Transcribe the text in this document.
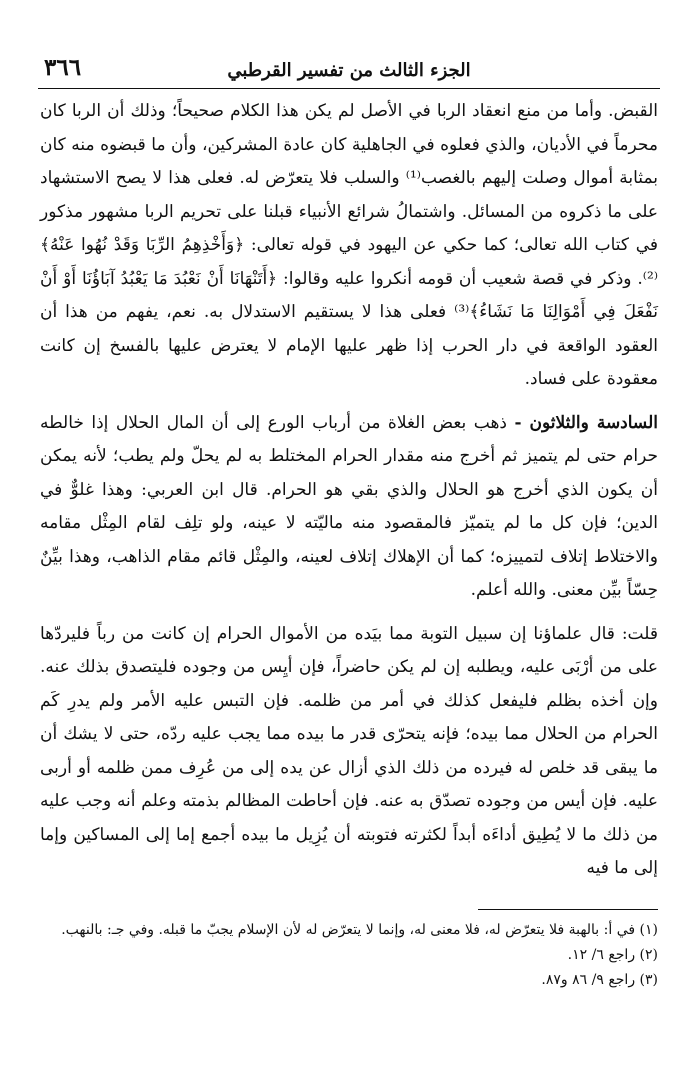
٣٦٦	الجزء الثالث من تفسير القرطبي

القبض. وأما من منع انعقاد الربا في الأصل لم يكن هذا الكلام صحيحاً؛ وذلك أن الربا كان محرماً في الأديان، والذي فعلوه في الجاهلية كان عادة المشركين، وأن ما قبضوه منه كان بمثابة أموال وصلت إليهم بالغصب⁽¹⁾ والسلب فلا يتعرّض له. فعلى هذا لا يصح الاستشهاد على ما ذكروه من المسائل. واشتمالُ شرائع الأنبياء قبلنا على تحريم الربا مشهور مذكور في كتاب الله تعالى؛ كما حكي عن اليهود في قوله تعالى: ﴿وَأَخْذِهِمُ الرِّبَا وَقَدْ نُهُوا عَنْهُ﴾⁽²⁾. وذكر في قصة شعيب أن قومه أنكروا عليه وقالوا: ﴿أَتَنْهَانَا أَنْ نَعْبُدَ مَا يَعْبُدُ آبَاؤُنَا أَوْ أَنْ نَفْعَلَ فِي أَمْوَالِنَا مَا نَشَاءُ﴾⁽³⁾ فعلى هذا لا يستقيم الاستدلال به. نعم، يفهم من هذا أن العقود الواقعة في دار الحرب إذا ظهر عليها الإمام لا يعترض عليها بالفسخ إن كانت معقودة على فساد.

السادسة والثلاثون - ذهب بعض الغلاة من أرباب الورع إلى أن المال الحلال إذا خالطه حرام حتى لم يتميز ثم أخرج منه مقدار الحرام المختلط به لم يحلّ ولم يطب؛ لأنه يمكن أن يكون الذي أخرج هو الحلال والذي بقي هو الحرام. قال ابن العربي: وهذا غلوٌّ في الدين؛ فإن كل ما لم يتميّز فالمقصود منه ماليّته لا عينه، ولو تلِف لقام المِثْل مقامه والاختلاط إتلاف لتمييزه؛ كما أن الإهلاك إتلاف لعينه، والمِثْل قائم مقام الذاهب، وهذا بيِّنٌ حِسّاً بيِّن معنى. والله أعلم.

قلت: قال علماؤنا إن سبيل التوبة مما بيَده من الأموال الحرام إن كانت من رباً فليردّها على من أرْبَى عليه، ويطلبه إن لم يكن حاضراً، فإن أيِس من وجوده فليتصدق بذلك عنه. وإن أخذه بظلم فليفعل كذلك في أمر من ظلمه. فإن التبس عليه الأمر ولم يدرِ كَم الحرام من الحلال مما بيده؛ فإنه يتحرّى قدر ما بيده مما يجب عليه ردّه، حتى لا يشك أن ما يبقى قد خلص له فيرده من ذلك الذي أزال عن يده إلى من عُرِف ممن ظلمه أو أربى عليه. فإن أيس من وجوده تصدّق به عنه. فإن أحاطت المظالم بذمته وعلم أنه وجب عليه من ذلك ما لا يُطِيق أداءَه أبداً لكثرته فتوبته أن يُزِيل ما بيده أجمع إما إلى المساكين وإما إلى ما فيه

(١) في أ: بالهبة فلا يتعرّض له، فلا معنى له، وإنما لا يتعرّض له لأن الإسلام يجبّ ما قبله. وفي جـ: بالنهب.

(٢) راجع ٦/ ١٢.

(٣) راجع ٩/ ٨٦ و٨٧.
